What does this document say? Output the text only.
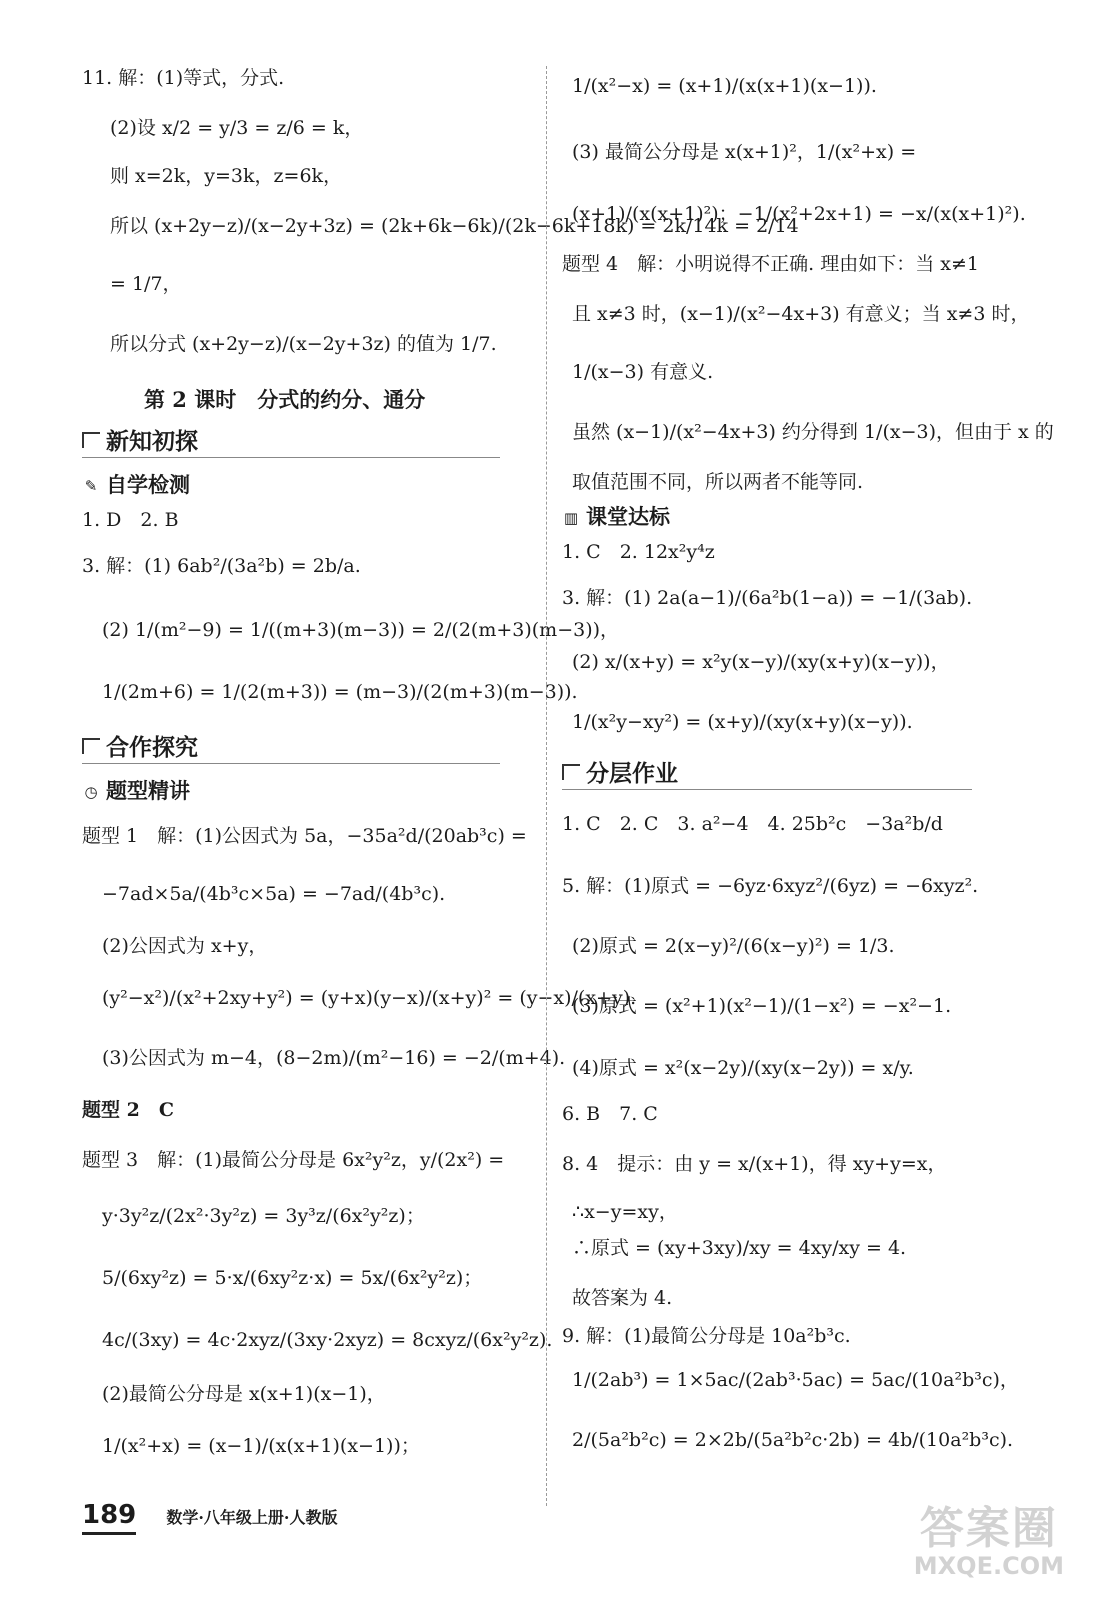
11. 解：(1)等式，分式.
(2)设 x/2 = y/3 = z/6 = k，
则 x=2k，y=3k，z=6k，
所以 (x+2y−z)/(x−2y+3z) = (2k+6k−6k)/(2k−6k+18k) = 2k/14k = 2/14
= 1/7，
所以分式 (x+2y−z)/(x−2y+3z) 的值为 1/7.
第 2 课时　分式的约分、通分
新知初探
✎ 自学检测
1. D　2. B
3. 解：(1) 6ab²/(3a²b) = 2b/a.
(2) 1/(m²−9) = 1/((m+3)(m−3)) = 2/(2(m+3)(m−3))，
1/(2m+6) = 1/(2(m+3)) = (m−3)/(2(m+3)(m−3)).
合作探究
◷ 题型精讲
题型 1　解：(1)公因式为 5a，−35a²d/(20ab³c) =
−7ad×5a/(4b³c×5a) = −7ad/(4b³c).
(2)公因式为 x+y，
(y²−x²)/(x²+2xy+y²) = (y+x)(y−x)/(x+y)² = (y−x)/(x+y).
(3)公因式为 m−4，(8−2m)/(m²−16) = −2/(m+4).
题型 2　C
题型 3　解：(1)最简公分母是 6x²y²z，y/(2x²) =
y·3y²z/(2x²·3y²z) = 3y³z/(6x²y²z)；
5/(6xy²z) = 5·x/(6xy²z·x) = 5x/(6x²y²z)；
4c/(3xy) = 4c·2xyz/(3xy·2xyz) = 8cxyz/(6x²y²z).
(2)最简公分母是 x(x+1)(x−1)，
1/(x²+x) = (x−1)/(x(x+1)(x−1))；
1/(x²−x) = (x+1)/(x(x+1)(x−1)).
(3) 最简公分母是 x(x+1)²，1/(x²+x) =
(x+1)/(x(x+1)²)；−1/(x²+2x+1) = −x/(x(x+1)²).
题型 4　解：小明说得不正确. 理由如下：当 x≠1
且 x≠3 时，(x−1)/(x²−4x+3) 有意义；当 x≠3 时，
1/(x−3) 有意义.
虽然 (x−1)/(x²−4x+3) 约分得到 1/(x−3)，但由于 x 的
取值范围不同，所以两者不能等同.
▥ 课堂达标
1. C　2. 12x²y⁴z
3. 解：(1) 2a(a−1)/(6a²b(1−a)) = −1/(3ab).
(2) x/(x+y) = x²y(x−y)/(xy(x+y)(x−y))，
1/(x²y−xy²) = (x+y)/(xy(x+y)(x−y)).
分层作业
1. C　2. C　3. a²−4　4. 25b²c　−3a²b/d
5. 解：(1)原式 = −6yz·6xyz²/(6yz) = −6xyz².
(2)原式 = 2(x−y)²/(6(x−y)²) = 1/3.
(3)原式 = (x²+1)(x²−1)/(1−x²) = −x²−1.
(4)原式 = x²(x−2y)/(xy(x−2y)) = x/y.
6. B　7. C
8. 4　提示：由 y = x/(x+1)，得 xy+y=x，
∴x−y=xy，
∴原式 = (xy+3xy)/xy = 4xy/xy = 4.
故答案为 4.
9. 解：(1)最简公分母是 10a²b³c.
1/(2ab³) = 1×5ac/(2ab³·5ac) = 5ac/(10a²b³c)，
2/(5a²b²c) = 2×2b/(5a²b²c·2b) = 4b/(10a²b³c).
189 数学·八年级上册·人教版	答案圈
MXQE.COM
